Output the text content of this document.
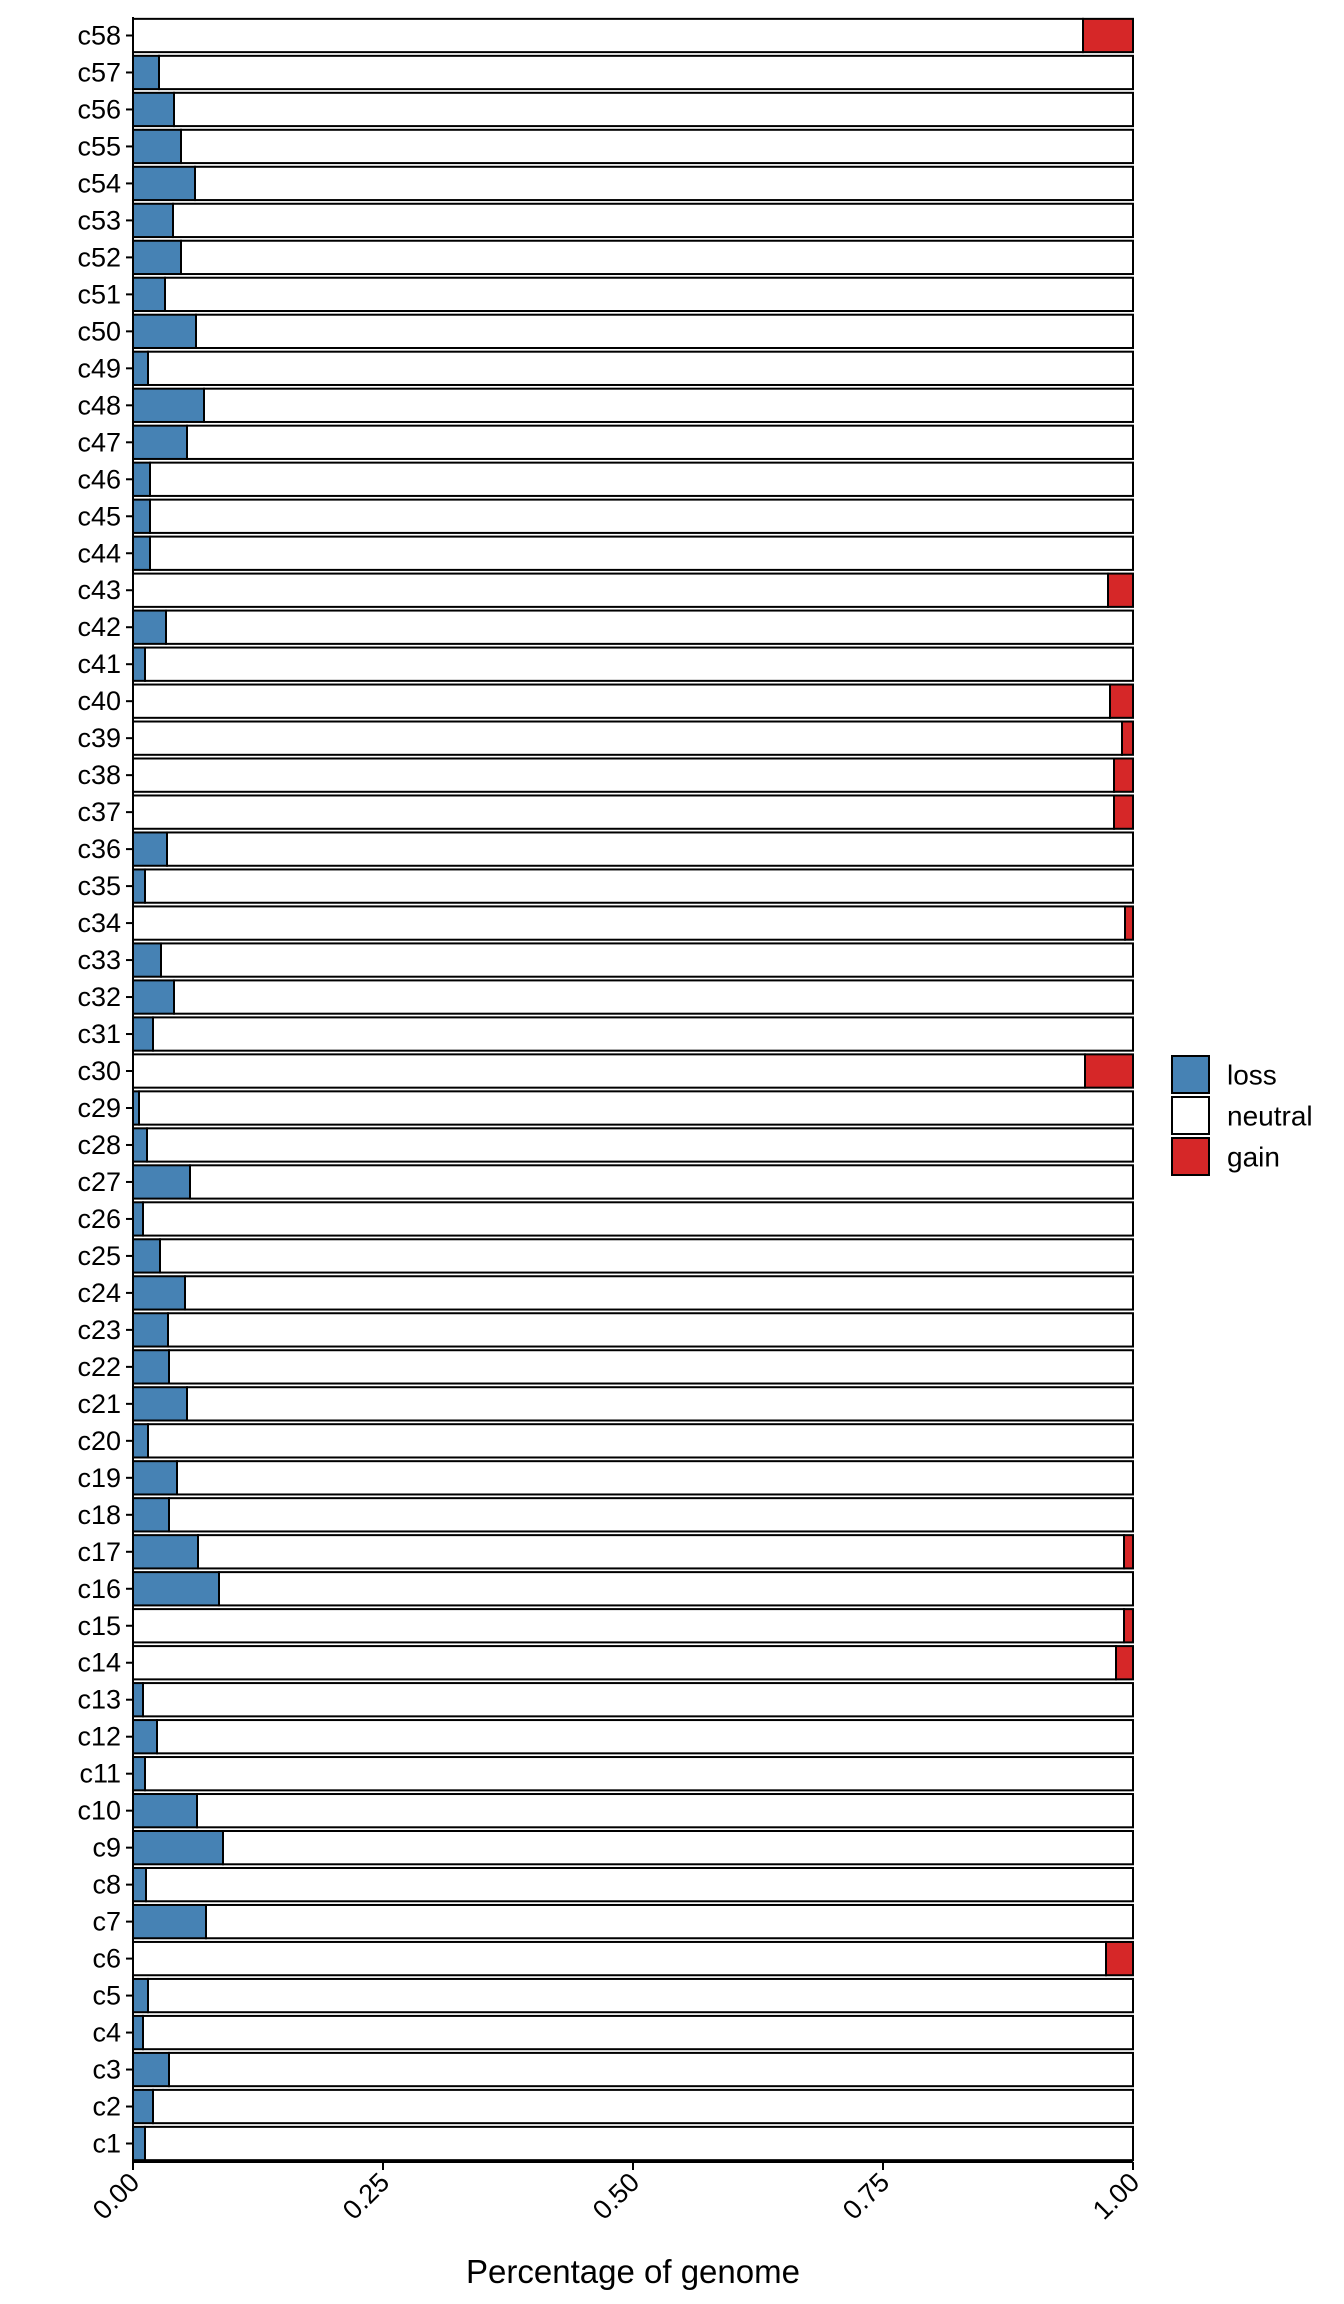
c1
c2
c3
c4
c5
c6
c7
c8
c9
c10
c11
c12
c13
c14
c15
c16
c17
c18
c19
c20
c21
c22
c23
c24
c25
c26
c27
c28
c29
c30
c31
c32
c33
c34
c35
c36
c37
c38
c39
c40
c41
c42
c43
c44
c45
c46
c47
c48
c49
c50
c51
c52
c53
c54
c55
c56
c57
c58
0.00	0.25	0.50	0.75	1.00
Percentage of genome
loss
neutral
gain
